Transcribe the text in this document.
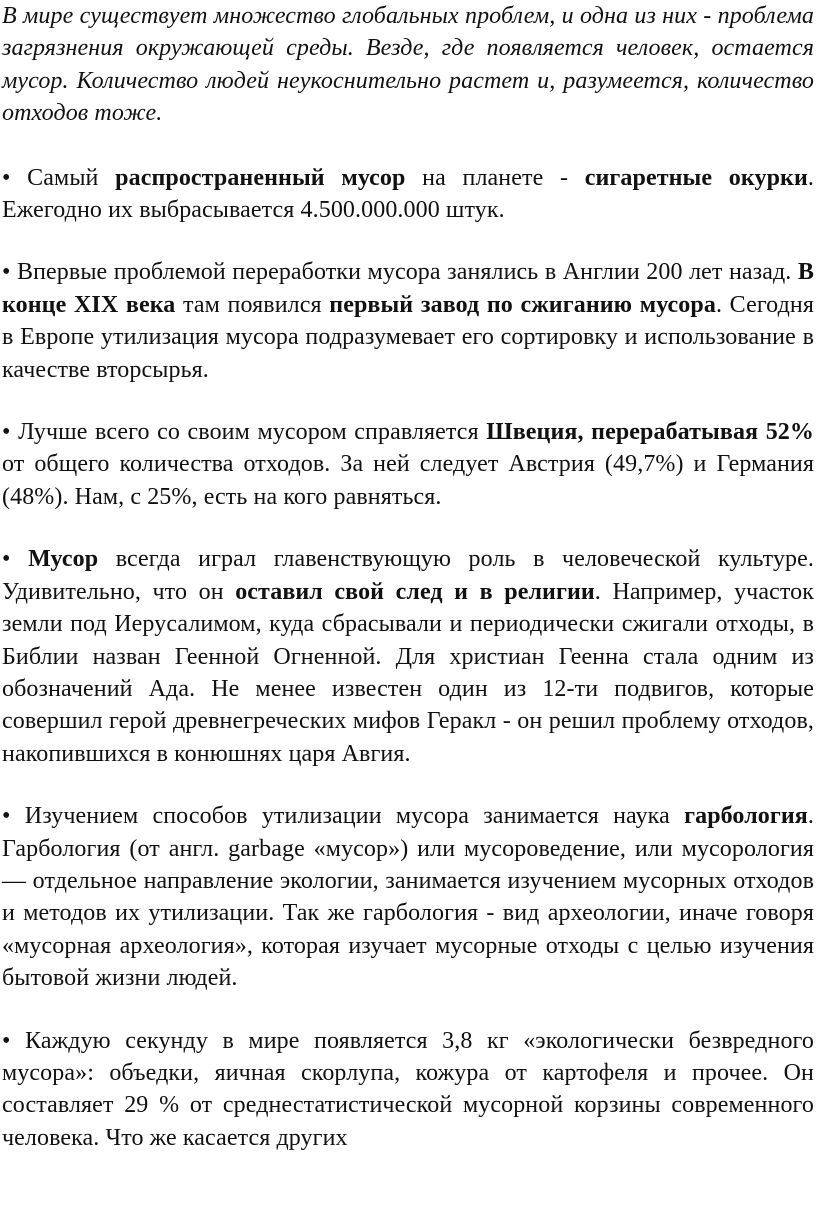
В мире существует множество глобальных проблем, и одна из них - проблема загрязнения окружающей среды. Везде, где появляется человек, остается мусор. Количество людей неукоснительно растет и, разумеется, количество отходов тоже.

• Самый распространенный мусор на планете - сигаретные окурки. Ежегодно их выбрасывается 4.500.000.000 штук.

• Впервые проблемой переработки мусора занялись в Англии 200 лет назад. В конце XIX века там появился первый завод по сжиганию мусора. Сегодня в Европе утилизация мусора подразумевает его сортировку и использование в качестве вторсырья.

• Лучше всего со своим мусором справляется Швеция, перерабатывая 52% от общего количества отходов. За ней следует Австрия (49,7%) и Германия (48%). Нам, с 25%, есть на кого равняться.

• Мусор всегда играл главенствующую роль в человеческой культуре. Удивительно, что он оставил свой след и в религии. Например, участок земли под Иерусалимом, куда сбрасывали и периодически сжигали отходы, в Библии назван Геенной Огненной. Для христиан Геенна стала одним из обозначений Ада. Не менее известен один из 12-ти подвигов, которые совершил герой древнегреческих мифов Геракл - он решил проблему отходов, накопившихся в конюшнях царя Авгия.

• Изучением способов утилизации мусора занимается наука гарбология. Гарбология (от англ. garbage «мусор») или мусороведение, или мусорология — отдельное направление экологии, занимается изучением мусорных отходов и методов их утилизации. Так же гарбология - вид археологии, иначе говоря «мусорная археология», которая изучает мусорные отходы с целью изучения бытовой жизни людей.

• Каждую секунду в мире появляется 3,8 кг «экологически безвредного мусора»: объедки, яичная скорлупа, кожура от картофеля и прочее. Он составляет 29 % от среднестатистической мусорной корзины современного человека. Что же касается других
